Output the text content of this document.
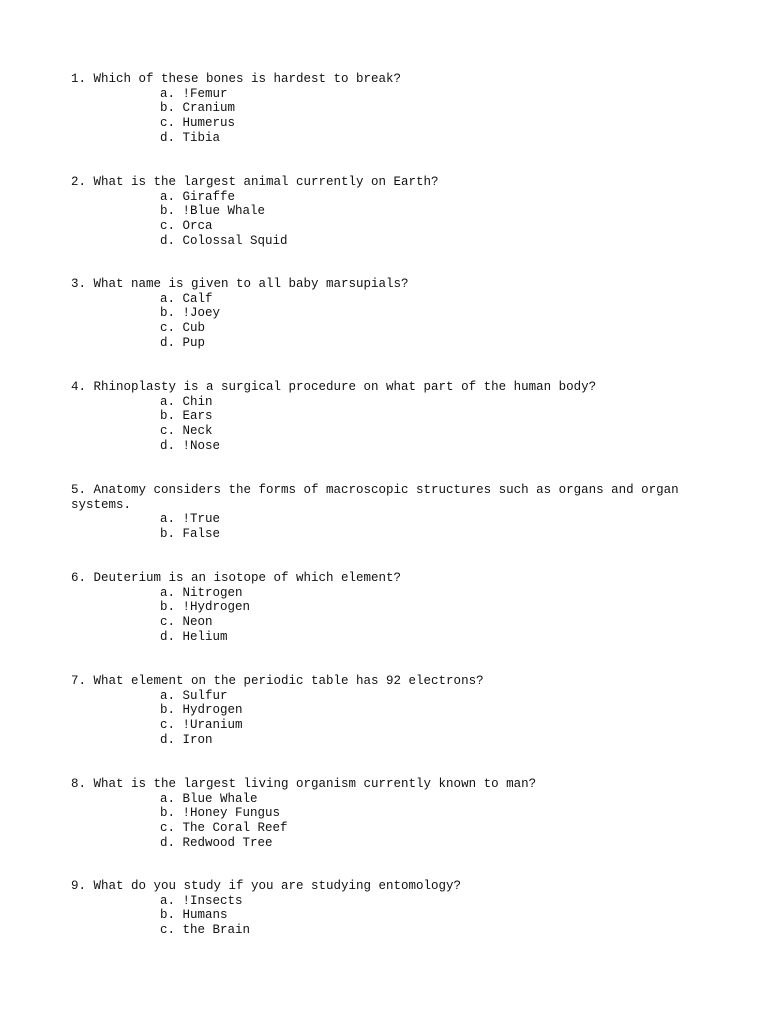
1. Which of these bones is hardest to break?
a. !Femur
b. Cranium
c. Humerus
d. Tibia
2. What is the largest animal currently on Earth?
a. Giraffe
b. !Blue Whale
c. Orca
d. Colossal Squid
3. What name is given to all baby marsupials?
a. Calf
b. !Joey
c. Cub
d. Pup
4. Rhinoplasty is a surgical procedure on what part of the human body?
a. Chin
b. Ears
c. Neck
d. !Nose
5. Anatomy considers the forms of macroscopic structures such as organs and organ systems.
a. !True
b. False
6. Deuterium is an isotope of which element?
a. Nitrogen
b. !Hydrogen
c. Neon
d. Helium
7. What element on the periodic table has 92 electrons?
a. Sulfur
b. Hydrogen
c. !Uranium
d. Iron
8. What is the largest living organism currently known to man?
a. Blue Whale
b. !Honey Fungus
c. The Coral Reef
d. Redwood Tree
9. What do you study if you are studying entomology?
a. !Insects
b. Humans
c. the Brain
